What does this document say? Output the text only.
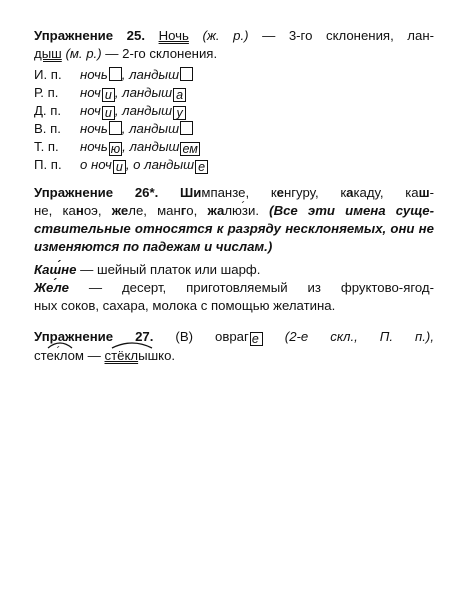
Упражнение 25. Ночь (ж. р.) — 3-го склонения, лан-
дыш (м. р.) — 2-го склонения.
И. п. ночь , ландыш
Р. п. ноч и , ландыш а
Д. п. ноч и , ландыш у
В. п. ночь , ландыш
Т. п. ночь ю , ландыш ем
П. п. о ноч и , о ландыш е
Упражнение 26*. Шимпанзе, кенгуру, какаду, каш-
не, каноэ, желе, манго, жалюзи ´. (Все эти имена суще-
ствительные относятся к разряду несклоняемых, они не
изменяются по падежам и числам.)
Кашне ´ — шейный платок или шарф.
Желе ´ — десерт, приготовляемый из фруктово-ягод-
ных соков, сахара, молока с помощью желатина.
Упражнение 27. (В) овраг е (2-е скл., П. п.),
стекло ´м — стёклышко.
